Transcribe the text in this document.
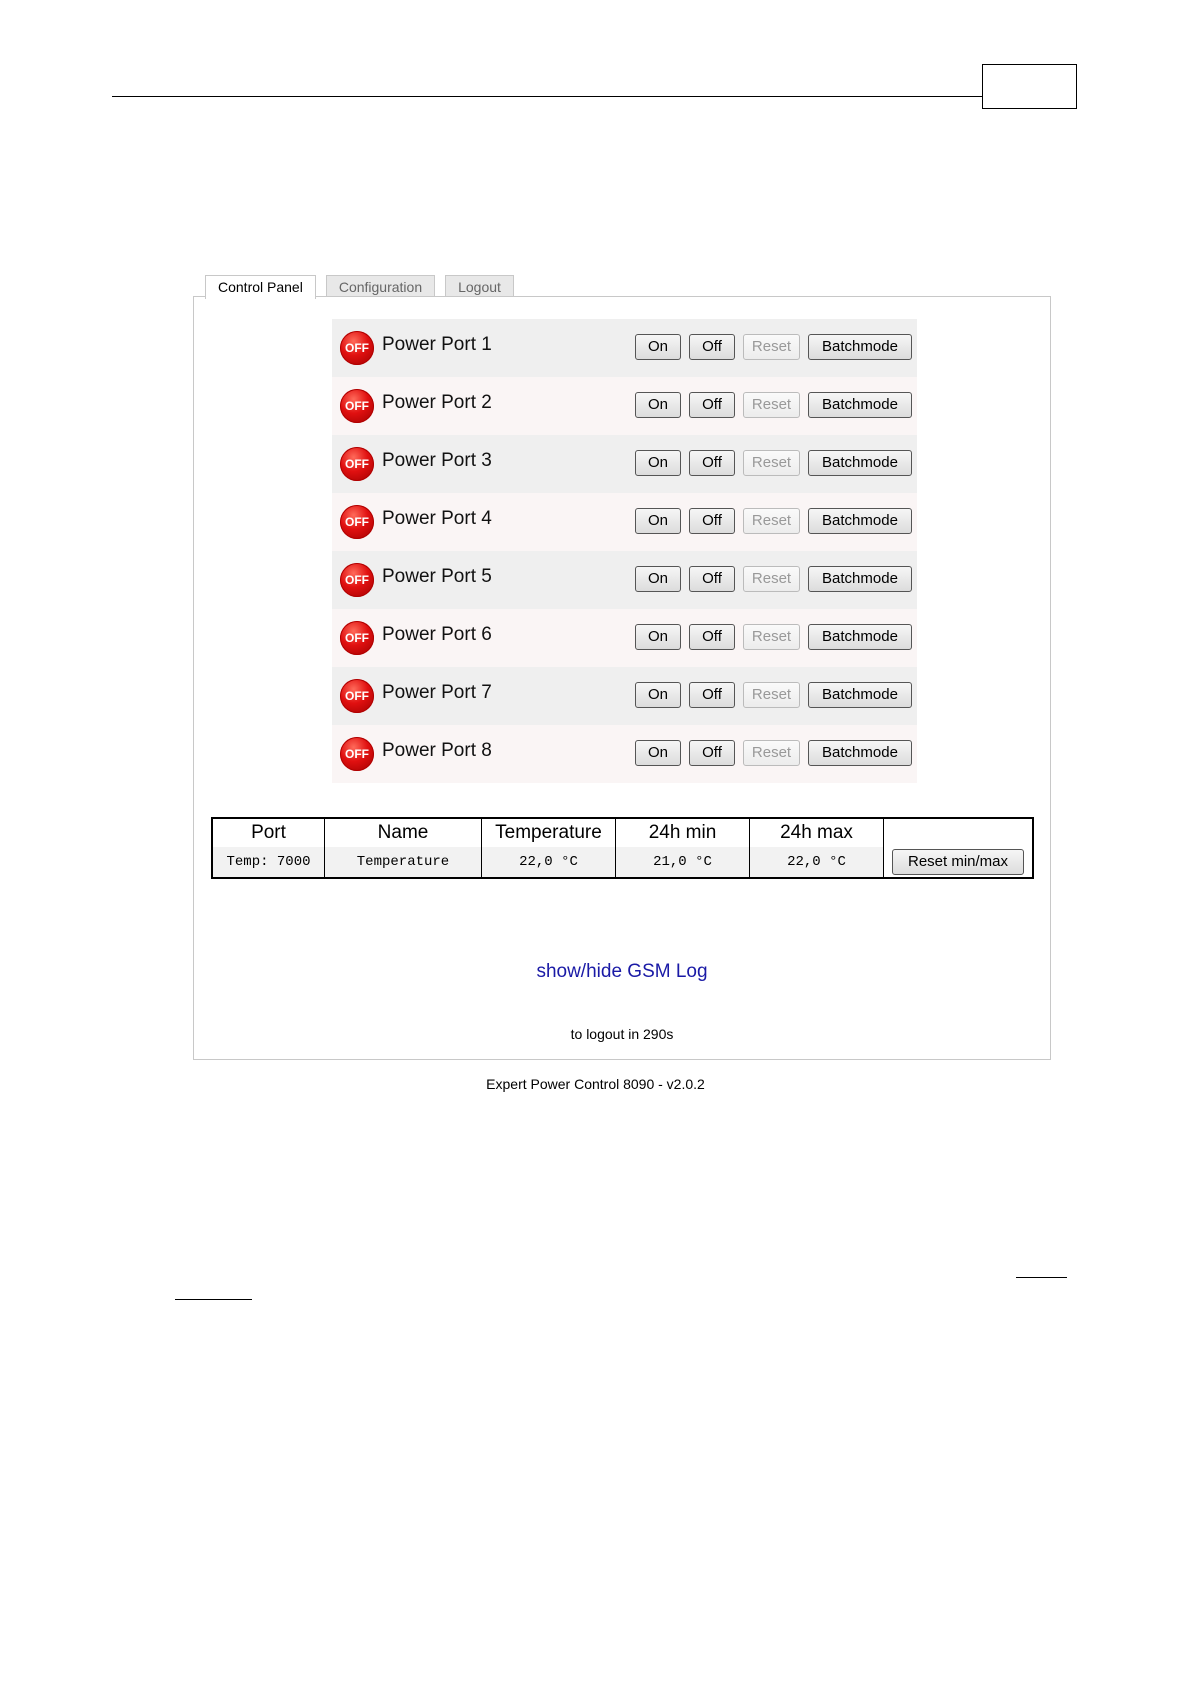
Control Panel	Configuration	Logout
OFF Power Port 1	On	Off	Reset	Batchmode
OFF Power Port 2	On	Off	Reset	Batchmode
OFF Power Port 3	On	Off	Reset	Batchmode
OFF Power Port 4	On	Off	Reset	Batchmode
OFF Power Port 5	On	Off	Reset	Batchmode
OFF Power Port 6	On	Off	Reset	Batchmode
OFF Power Port 7	On	Off	Reset	Batchmode
OFF Power Port 8	On	Off	Reset	Batchmode
Port	Name	Temperature	24h min	24h max	
Temp: 7000	Temperature	22,0 °C	21,0 °C	22,0 °C	Reset min/max
show/hide GSM Log
to logout in 290s
Expert Power Control 8090 - v2.0.2
